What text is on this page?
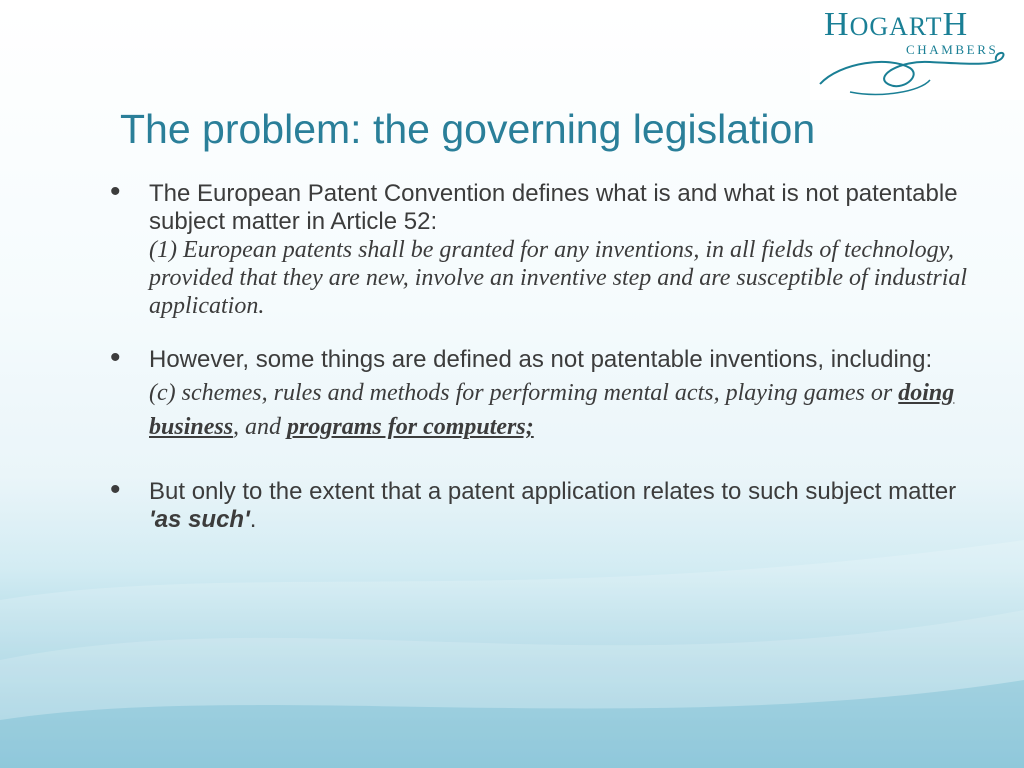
HOGARTH
CHAMBERS
The problem: the governing legislation
• The European Patent Convention defines what is and what is not patentable subject matter in Article 52:
(1) European patents shall be granted for any inventions, in all fields of technology, provided that they are new, involve an inventive step and are susceptible of industrial application.
• However, some things are defined as not patentable inventions, including:
(c) schemes, rules and methods for performing mental acts, playing games or doing business, and programs for computers;
• But only to the extent that a patent application relates to such subject matter 'as such'.
